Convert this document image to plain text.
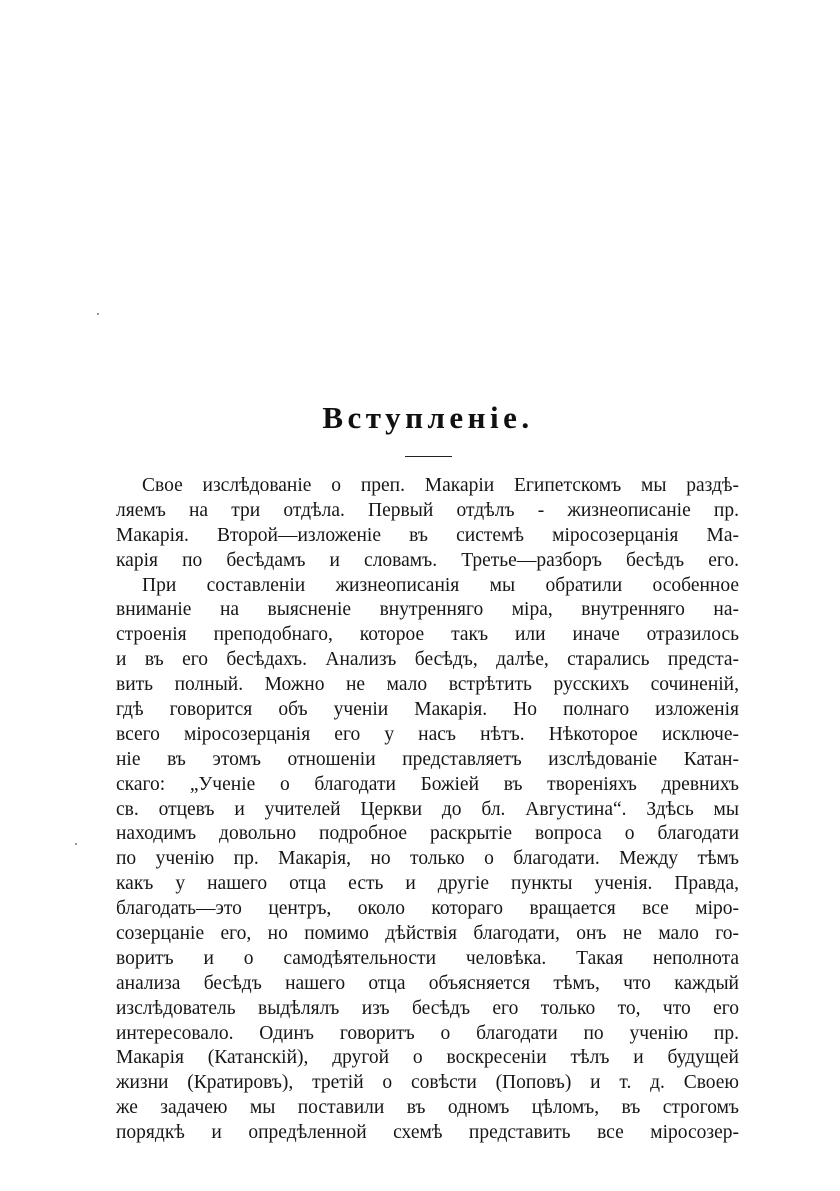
Вступленіе.
Свое изслѣдованіе о преп. Макаріи Египетскомъ мы раздѣ-
ляемъ на три отдѣла. Первый отдѣлъ - жизнеописаніе пр.
Макарія. Второй—изложеніе въ системѣ міросозерцанія Ма-
карія по бесѣдамъ и словамъ. Третье—разборъ бесѣдъ его.
При составленіи жизнеописанія мы обратили особенное
вниманіе на выясненіе внутренняго міра, внутренняго на-
строенія преподобнаго, которое такъ или иначе отразилось
и въ его бесѣдахъ. Анализъ бесѣдъ, далѣе, старались предста-
вить полный. Можно не мало встрѣтить русскихъ сочиненій,
гдѣ говорится объ ученіи Макарія. Но полнаго изложенія
всего міросозерцанія его у насъ нѣтъ. Нѣкоторое исключе-
ніе въ этомъ отношеніи представляетъ изслѣдованіе Катан-
скаго: „Ученіе о благодати Божіей въ твореніяхъ древнихъ
св. отцевъ и учителей Церкви до бл. Августина“. Здѣсь мы
находимъ довольно подробное раскрытіе вопроса о благодати
по ученію пр. Макарія, но только о благодати. Между тѣмъ
какъ у нашего отца есть и другіе пункты ученія. Правда,
благодать—это центръ, около котораго вращается все міро-
созерцаніе его, но помимо дѣйствія благодати, онъ не мало го-
воритъ и о самодѣятельности человѣка. Такая неполнота
анализа бесѣдъ нашего отца объясняется тѣмъ, что каждый
изслѣдователь выдѣлялъ изъ бесѣдъ его только то, что его
интересовало. Одинъ говоритъ о благодати по ученію пр.
Макарія (Катанскій), другой о воскресеніи тѣлъ и будущей
жизни (Кратировъ), третій о совѣсти (Поповъ) и т. д. Своею
же задачею мы поставили въ одномъ цѣломъ, въ строгомъ
порядкѣ и опредѣленной схемѣ представить все міросозер-
